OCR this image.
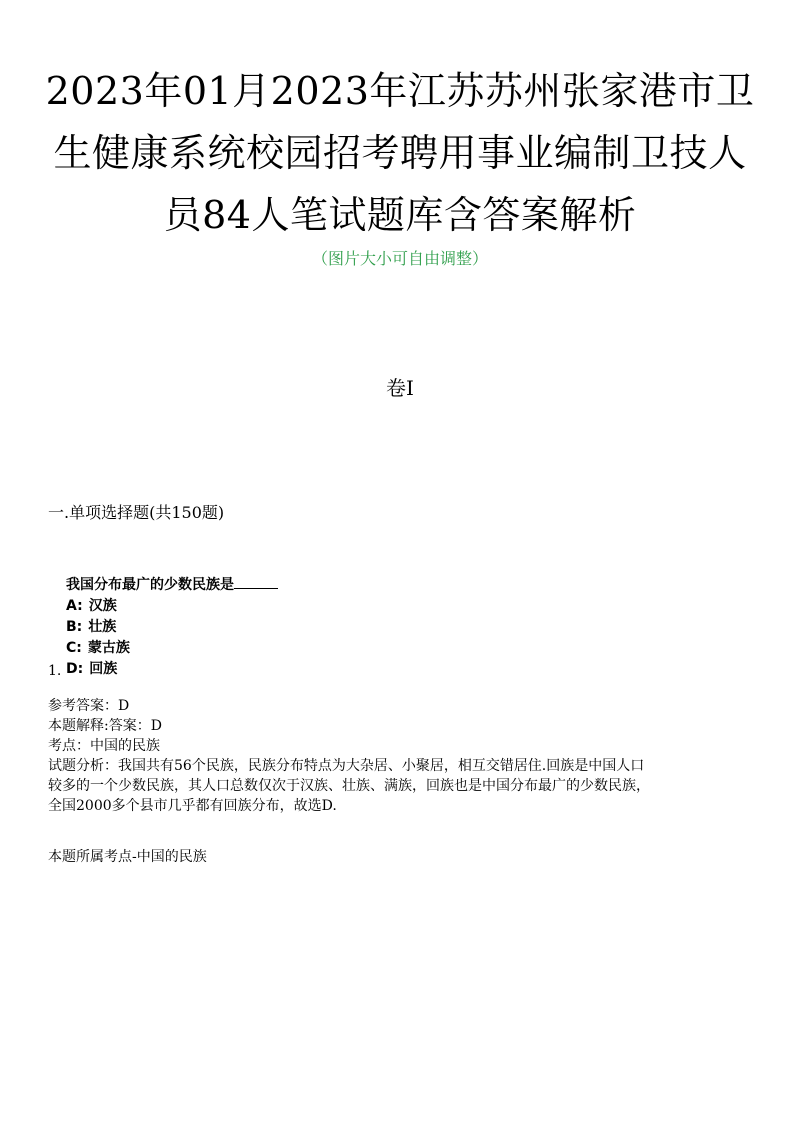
2023年01月2023年江苏苏州张家港市卫
生健康系统校园招考聘用事业编制卫技人
员84人笔试题库含答案解析
（图片大小可自由调整）
卷I
一.单项选择题(共150题)
1.
我国分布最广的少数民族是
A: 汉族
B: 壮族
C: 蒙古族
D: 回族
参考答案：D
本题解释:答案：D
考点：中国的民族
试题分析：我国共有56个民族，民族分布特点为大杂居、小聚居，相互交错居住.回族是中国人口
较多的一个少数民族，其人口总数仅次于汉族、壮族、满族，回族也是中国分布最广的少数民族，
全国2000多个县市几乎都有回族分布，故选D.
本题所属考点-中国的民族
